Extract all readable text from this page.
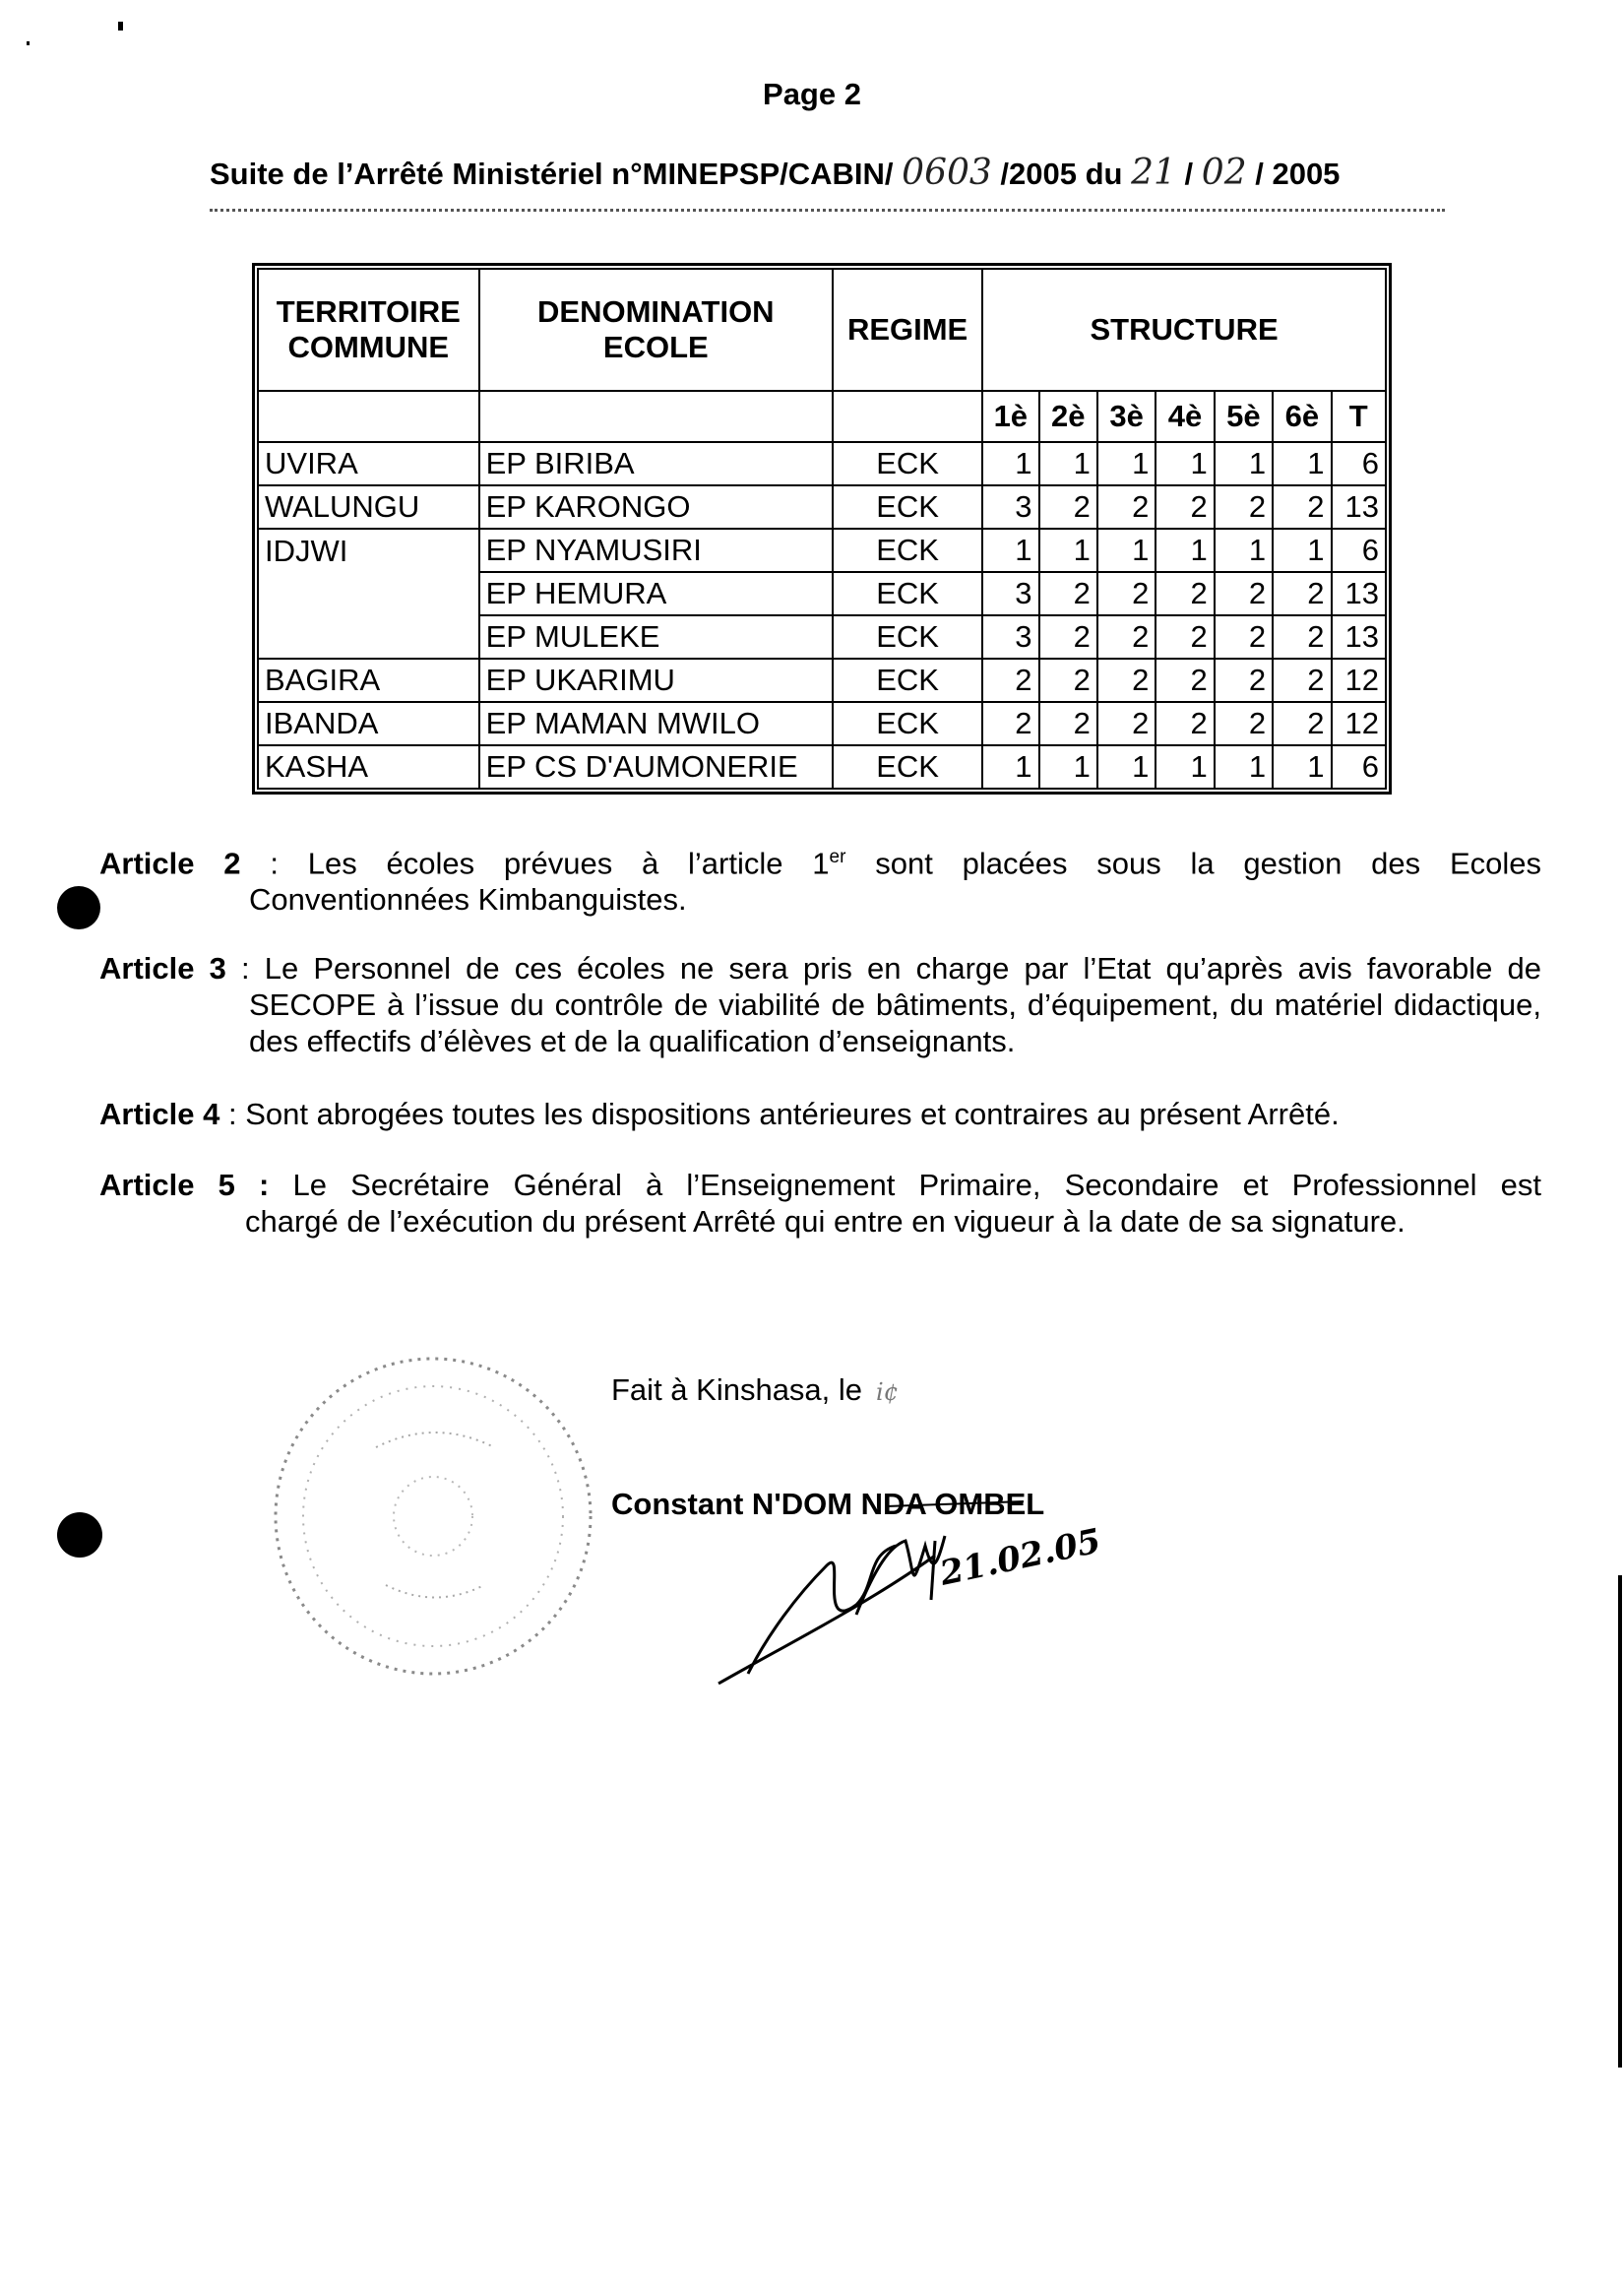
Page 2
Suite de l’Arrêté Ministériel n°MINEPSP/CABIN/ 0603 /2005 du 21 / 02 / 2005
TERRITOIRE COMMUNE	DENOMINATION ECOLE	REGIME	STRUCTURE						
			1è	2è	3è	4è	5è	6è	T
UVIRA	EP BIRIBA	ECK	1	1	1	1	1	1	6
WALUNGU	EP KARONGO	ECK	3	2	2	2	2	2	13
IDJWI	EP NYAMUSIRI	ECK	1	1	1	1	1	1	6
	EP HEMURA	ECK	3	2	2	2	2	2	13
	EP MULEKE	ECK	3	2	2	2	2	2	13
BAGIRA	EP UKARIMU	ECK	2	2	2	2	2	2	12
IBANDA	EP MAMAN MWILO	ECK	2	2	2	2	2	2	12
KASHA	EP CS D'AUMONERIE	ECK	1	1	1	1	1	1	6
Article 2 : Les écoles prévues à l’article 1er sont placées sous la gestion des Ecoles
Conventionnées Kimbanguistes.
Article 3 : Le Personnel de ces écoles ne sera pris en charge par l’Etat qu’après avis favorable de
SECOPE à l’issue du contrôle de viabilité de bâtiments, d’équipement, du matériel didactique, des effectifs d’élèves et de la qualification d’enseignants.
Article 4 : Sont abrogées toutes les dispositions antérieures et contraires au présent Arrêté.
Article 5 : Le Secrétaire Général à l’Enseignement Primaire, Secondaire et Professionnel est
chargé de l’exécution du présent Arrêté qui entre en vigueur à la date de sa signature.
Fait à Kinshasa, le i¢
Constant N'DOM NDA OMBEL
21.02.05
